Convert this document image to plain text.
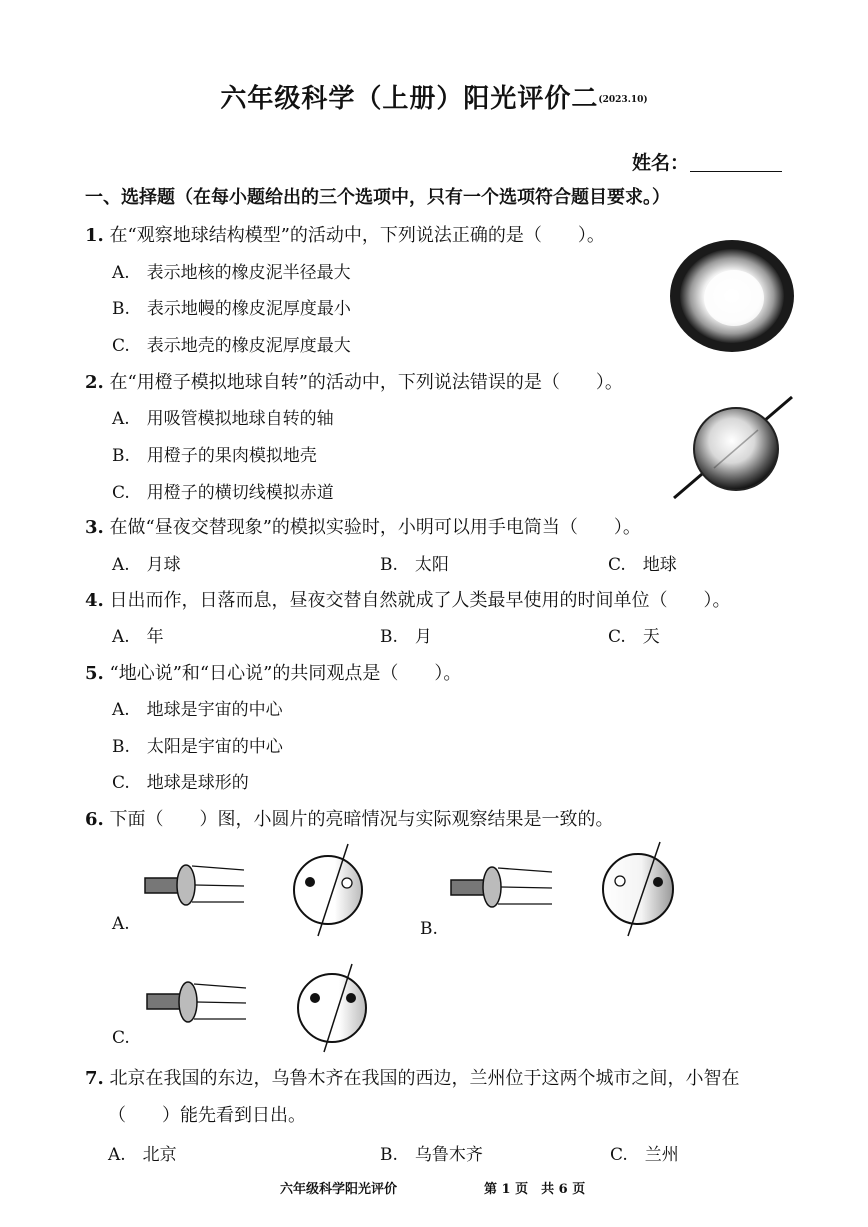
六年级科学（上册）阳光评价二(2023.10)
姓名：
一、选择题（在每小题给出的三个选项中，只有一个选项符合题目要求。）
1. 在“观察地球结构模型”的活动中，下列说法正确的是（　　）。
A.　表示地核的橡皮泥半径最大
B.　表示地幔的橡皮泥厚度最小
C.　表示地壳的橡皮泥厚度最大
2. 在“用橙子模拟地球自转”的活动中，下列说法错误的是（　　）。
A.　用吸管模拟地球自转的轴
B.　用橙子的果肉模拟地壳
C.　用橙子的横切线模拟赤道
3. 在做“昼夜交替现象”的模拟实验时，小明可以用手电筒当（　　）。
A.　月球	B.　太阳	C.　地球
4. 日出而作，日落而息，昼夜交替自然就成了人类最早使用的时间单位（　　）。
A.　年	B.　月	C.　天
5. “地心说”和“日心说”的共同观点是（　　）。
A.　地球是宇宙的中心
B.　太阳是宇宙的中心
C.　地球是球形的
6. 下面（　　）图，小圆片的亮暗情况与实际观察结果是一致的。
A.	B.
C.
7. 北京在我国的东边，乌鲁木齐在我国的西边，兰州位于这两个城市之间，小智在
（　　）能先看到日出。
A.　北京	B.　乌鲁木齐	C.　兰州
六年级科学阳光评价	第 1 页　共 6 页
